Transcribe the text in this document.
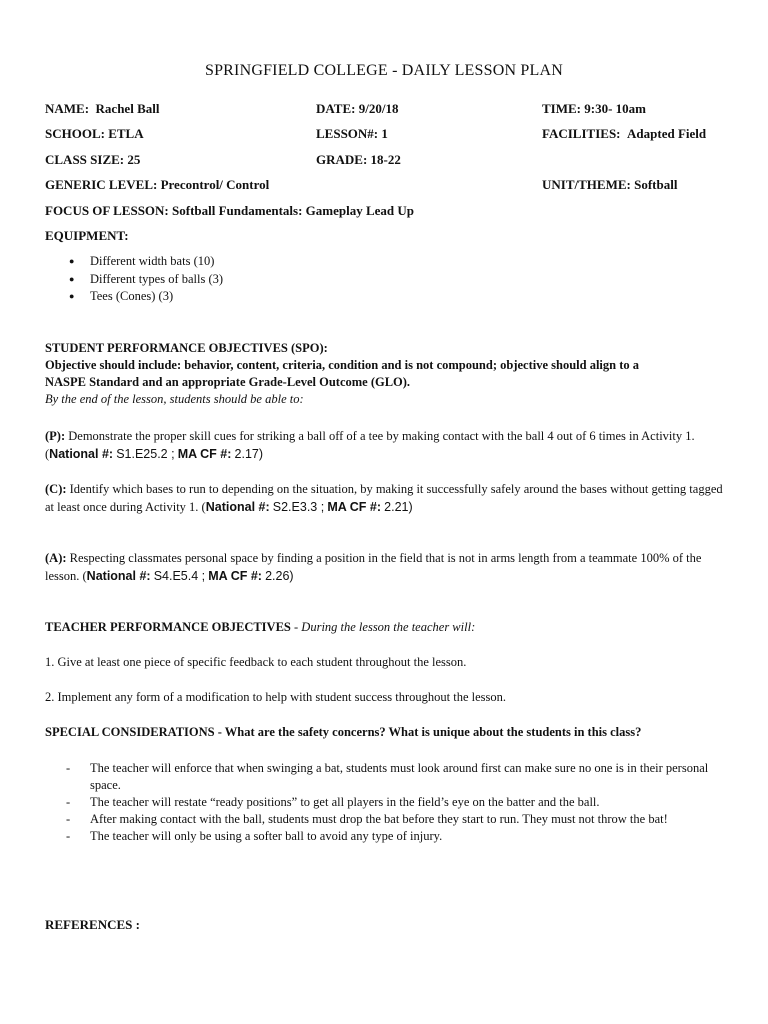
SPRINGFIELD COLLEGE - DAILY LESSON PLAN
NAME: Rachel Ball	DATE: 9/20/18	TIME: 9:30- 10am
SCHOOL: ETLA	LESSON#: 1	FACILITIES: Adapted Field
CLASS SIZE: 25	GRADE: 18-22
GENERIC LEVEL: Precontrol/ Control	UNIT/THEME: Softball
FOCUS OF LESSON: Softball Fundamentals: Gameplay Lead Up
EQUIPMENT:
● Different width bats (10)
● Different types of balls (3)
● Tees (Cones) (3)
STUDENT PERFORMANCE OBJECTIVES (SPO):
Objective should include: behavior, content, criteria, condition and is not compound; objective should align to a
NASPE Standard and an appropriate Grade-Level Outcome (GLO).
By the end of the lesson, students should be able to:
(P): Demonstrate the proper skill cues for striking a ball off of a tee by making contact with the ball 4 out of 6 times in Activity 1. (National #: S1.E25.2 ; MA CF #: 2.17)
(C): Identify which bases to run to depending on the situation, by making it successfully safely around the bases without getting tagged at least once during Activity 1. (National #: S2.E3.3 ; MA CF #: 2.21)
(A): Respecting classmates personal space by finding a position in the field that is not in arms length from a teammate 100% of the lesson. (National #: S4.E5.4 ; MA CF #: 2.26)
TEACHER PERFORMANCE OBJECTIVES - During the lesson the teacher will:
1. Give at least one piece of specific feedback to each student throughout the lesson.
2. Implement any form of a modification to help with student success throughout the lesson.
SPECIAL CONSIDERATIONS - What are the safety concerns? What is unique about the students in this class?
- The teacher will enforce that when swinging a bat, students must look around first can make sure no one is in their personal space.
- The teacher will restate “ready positions” to get all players in the field’s eye on the batter and the ball.
- After making contact with the ball, students must drop the bat before they start to run. They must not throw the bat!
- The teacher will only be using a softer ball to avoid any type of injury.
REFERENCES :
